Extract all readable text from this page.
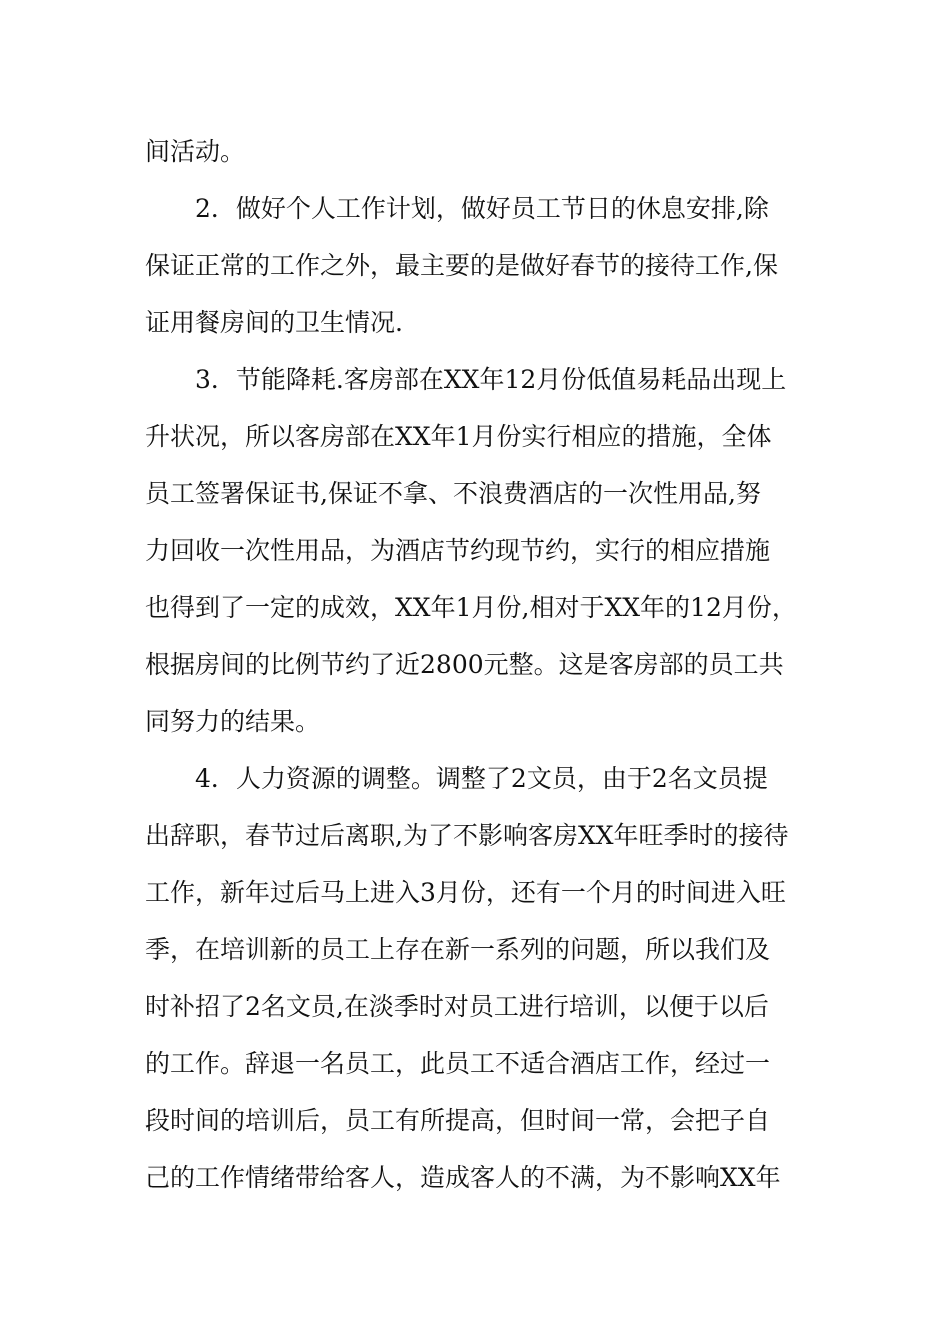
间活动。
2．做好个人工作计划，做好员工节日的休息安排,除
保证正常的工作之外，最主要的是做好春节的接待工作,保
证用餐房间的卫生情况.
3．节能降耗.客房部在XX年12月份低值易耗品出现上
升状况，所以客房部在XX年1月份实行相应的措施，全体
员工签署保证书,保证不拿、不浪费酒店的一次性用品,努
力回收一次性用品，为酒店节约现节约，实行的相应措施
也得到了一定的成效，XX年1月份,相对于XX年的12月份，
根据房间的比例节约了近2800元整。这是客房部的员工共
同努力的结果。
4．人力资源的调整。调整了2文员，由于2名文员提
出辞职，春节过后离职,为了不影响客房XX年旺季时的接待
工作，新年过后马上进入3月份，还有一个月的时间进入旺
季，在培训新的员工上存在新一系列的问题，所以我们及
时补招了2名文员,在淡季时对员工进行培训，以便于以后
的工作。辞退一名员工，此员工不适合酒店工作，经过一
段时间的培训后，员工有所提高，但时间一常，会把子自
己的工作情绪带给客人，造成客人的不满，为不影响XX年
